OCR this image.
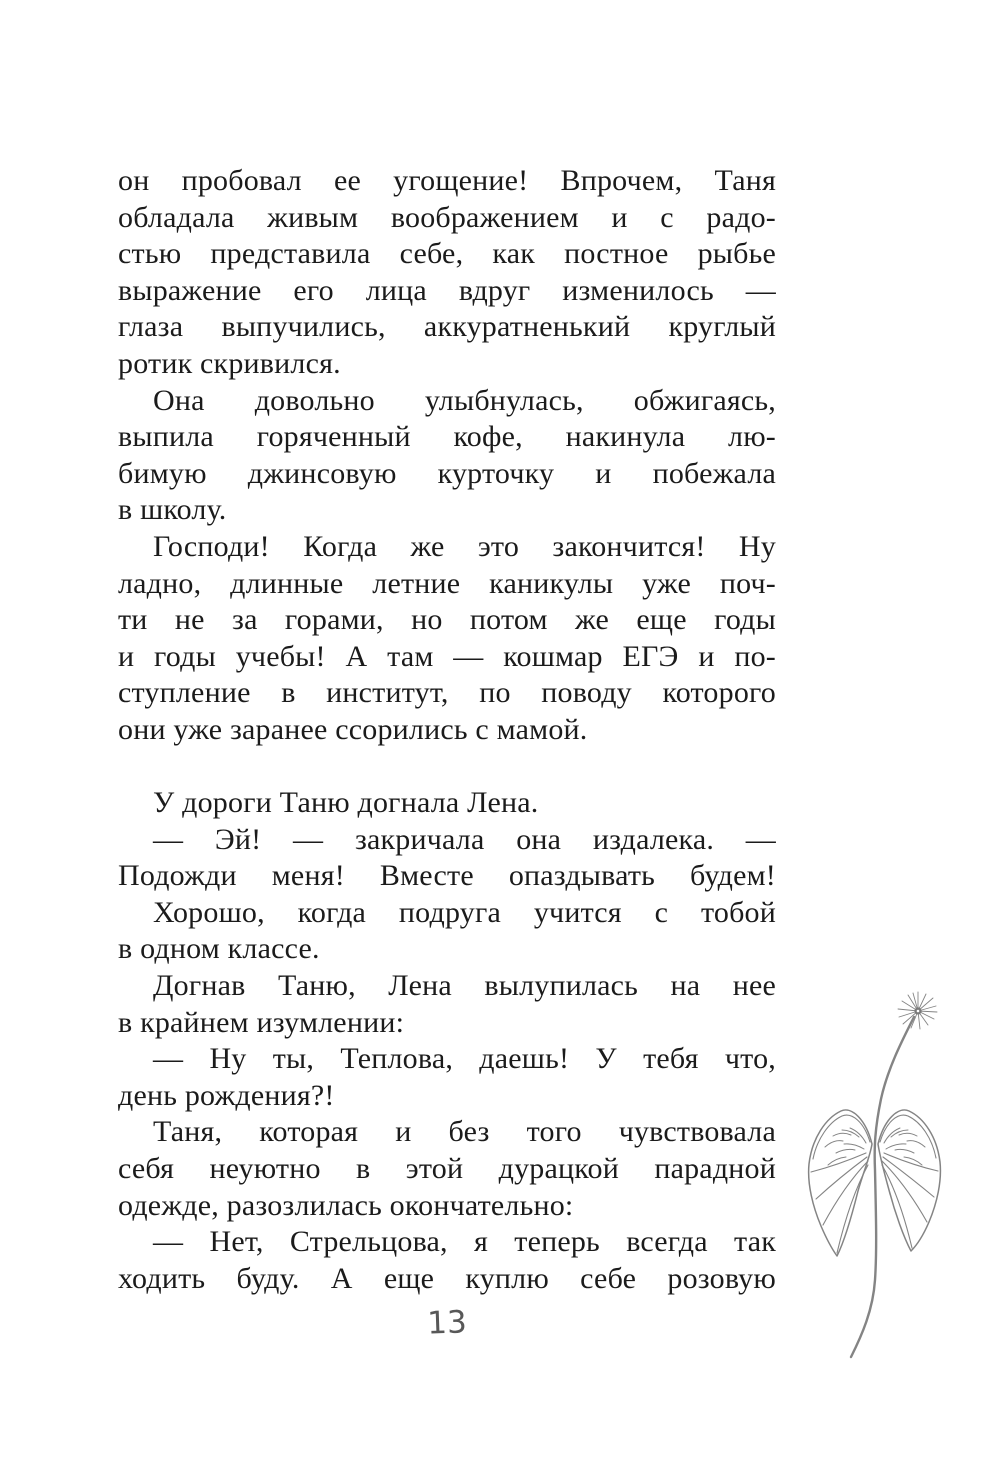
он пробовал ее угощение! Впрочем, Таня
обладала живым воображением и с радо-
стью представила себе, как постное рыбье
выражение его лица вдруг изменилось —
глаза выпучились, аккуратненький круглый
ротик скривился.
Она довольно улыбнулась, обжигаясь,
выпила горяченный кофе, накинула лю-
бимую джинсовую курточку и побежала
в школу.
Господи! Когда же это закончится! Ну
ладно, длинные летние каникулы уже поч-
ти не за горами, но потом же еще годы
и годы учебы! А там — кошмар ЕГЭ и по-
ступление в институт, по поводу которого
они уже заранее ссорились с мамой.
У дороги Таню догнала Лена.
— Эй! — закричала она издалека. —
Подожди меня! Вместе опаздывать будем!
Хорошо, когда подруга учится с тобой
в одном классе.
Догнав Таню, Лена вылупилась на нее
в крайнем изумлении:
— Ну ты, Теплова, даешь! У тебя что,
день рождения?!
Таня, которая и без того чувствовала
себя неуютно в этой дурацкой парадной
одежде, разозлилась окончательно:
— Нет, Стрельцова, я теперь всегда так
ходить буду. А еще куплю себе розовую
13
